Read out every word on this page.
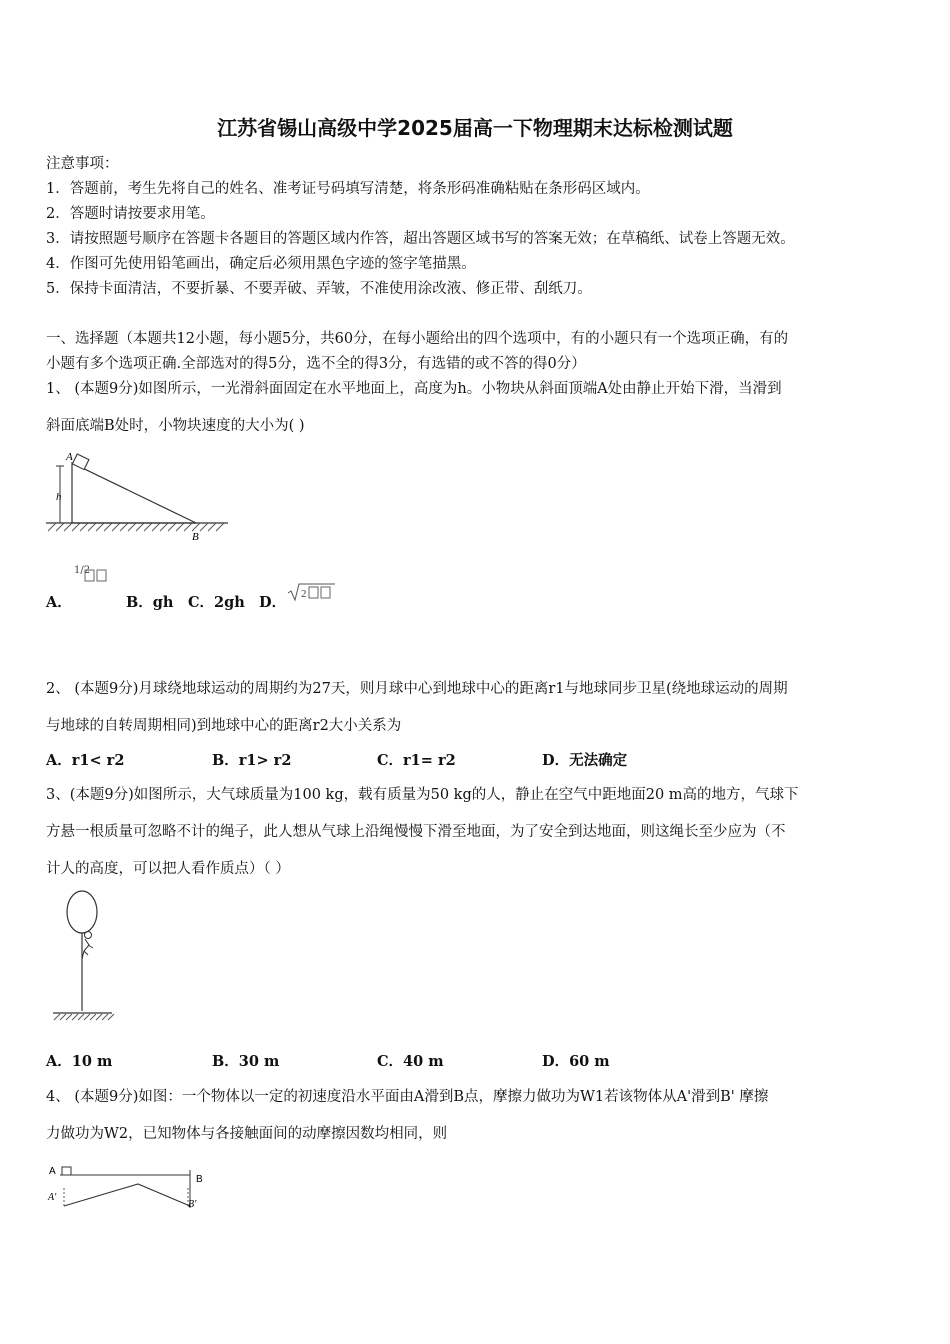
江苏省锡山高级中学2025届高一下物理期末达标检测试题
注意事项：
1．答题前，考生先将自己的姓名、准考证号码填写清楚，将条形码准确粘贴在条形码区域内。
2．答题时请按要求用笔。
3．请按照题号顺序在答题卡各题目的答题区域内作答，超出答题区域书写的答案无效；在草稿纸、试卷上答题无效。
4．作图可先使用铅笔画出，确定后必须用黑色字迹的签字笔描黑。
5．保持卡面清洁，不要折暴、不要弄破、弄皱，不准使用涂改液、修正带、刮纸刀。
一、选择题（本题共12小题，每小题5分，共60分，在每小题给出的四个选项中，有的小题只有一个选项正确，有的
小题有多个选项正确.全部选对的得5分，选不全的得3分，有选错的或不答的得0分）
1、 (本题9分)如图所示，一光滑斜面固定在水平地面上，高度为h。小物块从斜面顶端A处由静止开始下滑，当滑到
斜面底端B处时，小物块速度的大小为( )
A
h
B
A．
1/2
B．gh C．2gh D． 2
2、 (本题9分)月球绕地球运动的周期约为27天，则月球中心到地球中心的距离r1与地球同步卫星(绕地球运动的周期
与地球的自转周期相同)到地球中心的距离r2大小关系为
A．r1< r2	B．r1> r2	C．r1= r2	D．无法确定
3、(本题9分)如图所示，大气球质量为100 kg，载有质量为50 kg的人，静止在空气中距地面20 m高的地方，气球下
方悬一根质量可忽略不计的绳子，此人想从气球上沿绳慢慢下滑至地面，为了安全到达地面，则这绳长至少应为（不
计人的高度，可以把人看作质点）（ ）
A．10 m	B．30 m	C．40 m	D．60 m
4、 (本题9分)如图：一个物体以一定的初速度沿水平面由A滑到B点，摩擦力做功为W1若该物体从A'滑到B' 摩擦
力做功为W2，已知物体与各接触面间的动摩擦因数均相同，则
A
B
A'
B'
